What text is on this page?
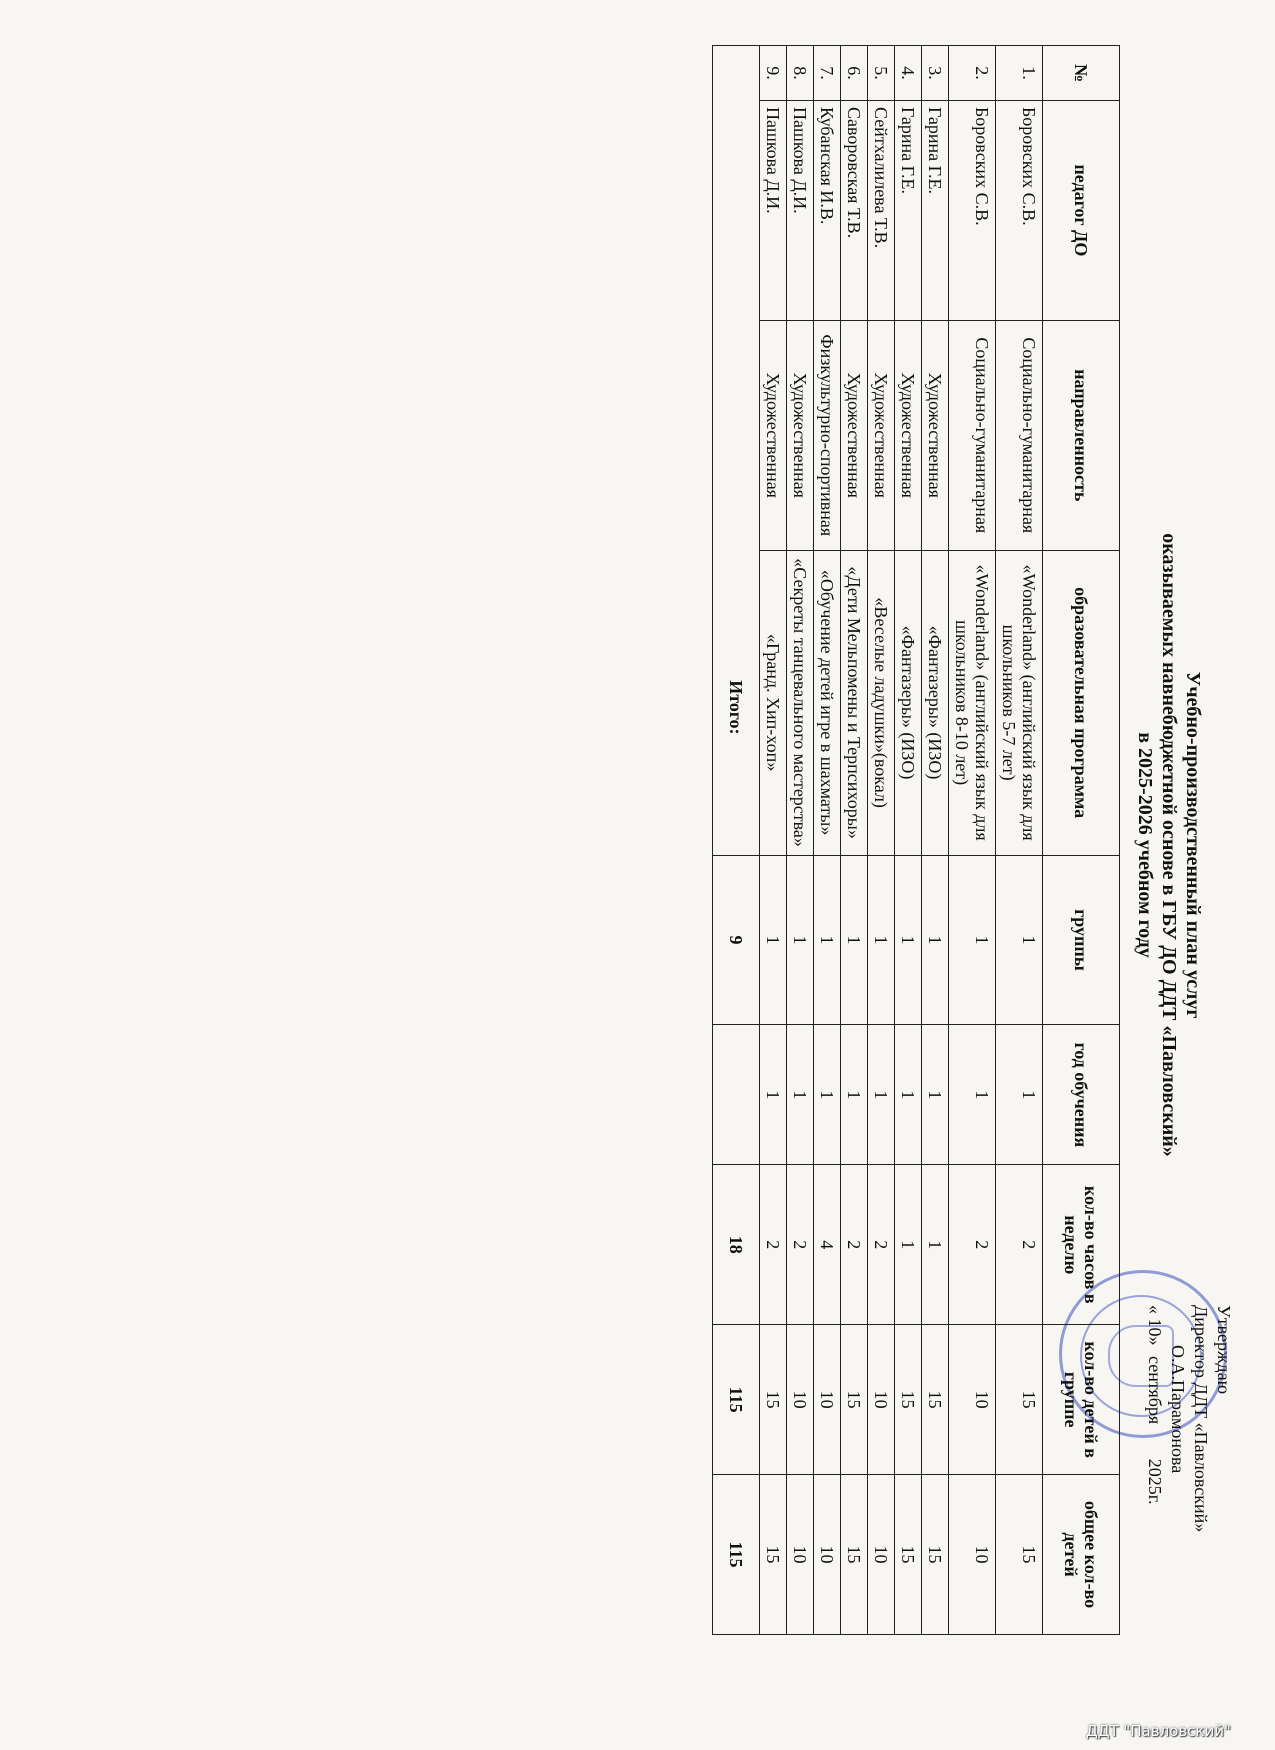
Утверждаю
Директор ДДТ «Павловский»
О.А.Парамонова
« 10» сентября 2025г.
Учебно-производственный план услуг
оказываемых навнебюджетной основе в ГБУ ДО ДДТ «Павловский»
в 2025-2026 учебном году
№	педагог ДО	направленность	образовательная программа	группы	год обучения	кол-во часов в неделю	кол-во детей в группе	общее кол-во детей
1.	Боровских С.В.	Социально-гуманитарная	«Wonderland» (английский язык для школьников 5-7 лет)	1	1	2	15	15
2.	Боровских С.В.	Социально-гуманитарная	«Wonderland» (английский язык для школьников 8-10 лет)	1	1	2	10	10
3.	Гарина Г.Е.	Художественная	«Фантазеры» (ИЗО)	1	1	1	15	15
4.	Гарина Г.Е.	Художественная	«Фантазеры» (ИЗО)	1	1	1	15	15
5.	Сейтхалилева Т.В.	Художественная	«Веселые ладушки»(вокал)	1	1	2	10	10
6.	Саворовская Т.В.	Художественная	«Дети Мельпомены и Терпсихоры»	1	1	2	15	15
7.	Кубанская И.В.	Физкультурно-спортивная	«Обучение детей игре в шахматы»	1	1	4	10	10
8.	Пашкова Д.И.	Художественная	«Секреты танцевального мастерства»	1	1	2	10	10
9.	Пашкова Д.И.	Художественная	«Гранд. Хип-хоп»	1	1	2	15	15
Итого:				9		18	115	115
ДДТ "Павловский"
